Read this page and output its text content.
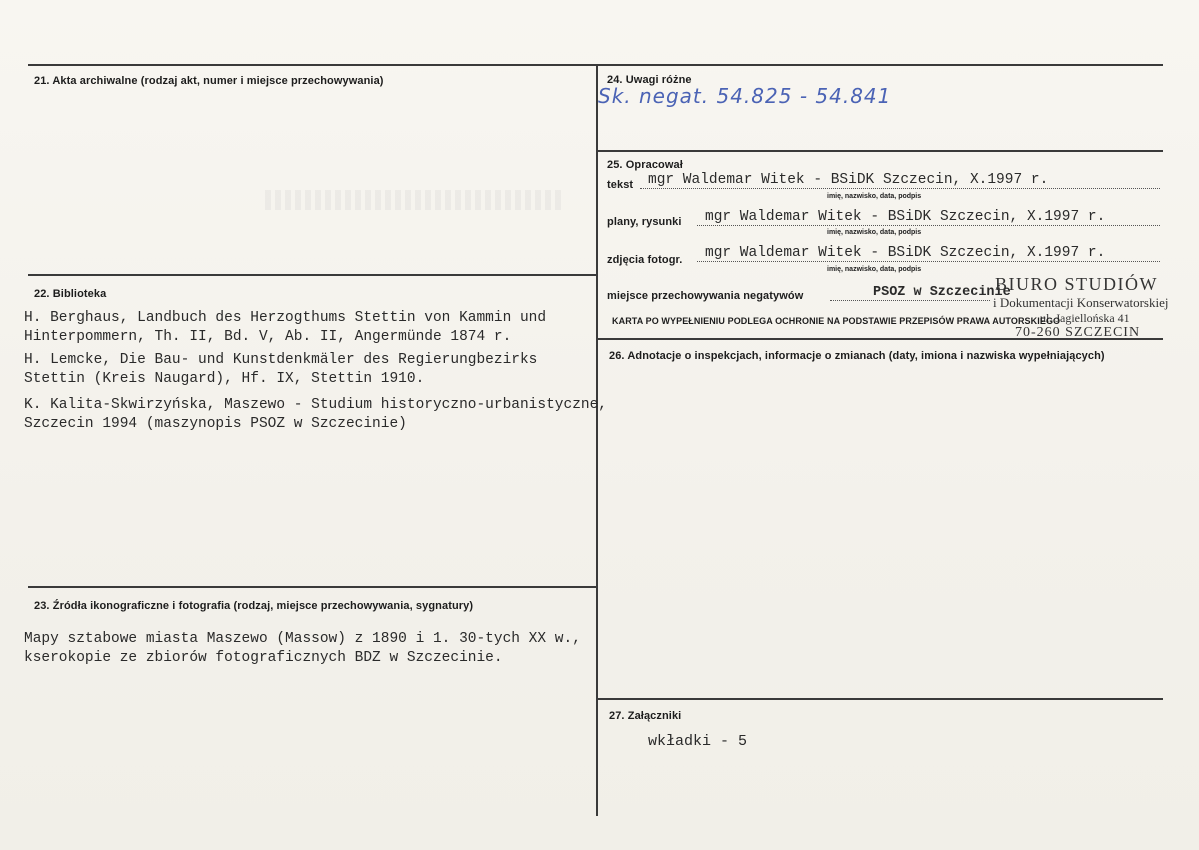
21. Akta archiwalne (rodzaj akt, numer i miejsce przechowywania)
22. Biblioteka
H. Berghaus, Landbuch des Herzogthums Stettin von Kammin und
Hinterpommern, Th. II, Bd. V, Ab. II, Angermünde 1874 r.
H. Lemcke, Die Bau- und Kunstdenkmäler des Regierungbezirks
Stettin (Kreis Naugard), Hf. IX, Stettin 1910.
K. Kalita-Skwirzyńska, Maszewo - Studium historyczno-urbanistyczne,
Szczecin 1994 (maszynopis PSOZ w Szczecinie)
23. Źródła ikonograficzne i fotografia (rodzaj, miejsce przechowywania, sygnatury)
Mapy sztabowe miasta Maszewo (Massow) z 1890 i 1. 30-tych XX w.,
kserokopie ze zbiorów fotograficznych BDZ w Szczecinie.
24. Uwagi różne
Sk. negat. 54.825 - 54.841
25. Opracował
tekst mgr Waldemar Witek - BSiDK Szczecin, X.1997 r.
imię, nazwisko, data, podpis
plany, rysunki mgr Waldemar Witek - BSiDK Szczecin, X.1997 r.
imię, nazwisko, data, podpis
zdjęcia fotogr. mgr Waldemar Witek - BSiDK Szczecin, X.1997 r.
imię, nazwisko, data, podpis
miejsce przechowywania negatywów	PSOZ w Szczecinie
BIURO STUDIÓW
i Dokumentacji Konserwatorskiej
ul. Jagiellońska 41
70-260 SZCZECIN
KARTA PO WYPEŁNIENIU PODLEGA OCHRONIE NA PODSTAWIE PRZEPISÓW PRAWA AUTORSKIEGO
26. Adnotacje o inspekcjach, informacje o zmianach (daty, imiona i nazwiska wypełniających)
27. Załączniki
wkładki - 5
